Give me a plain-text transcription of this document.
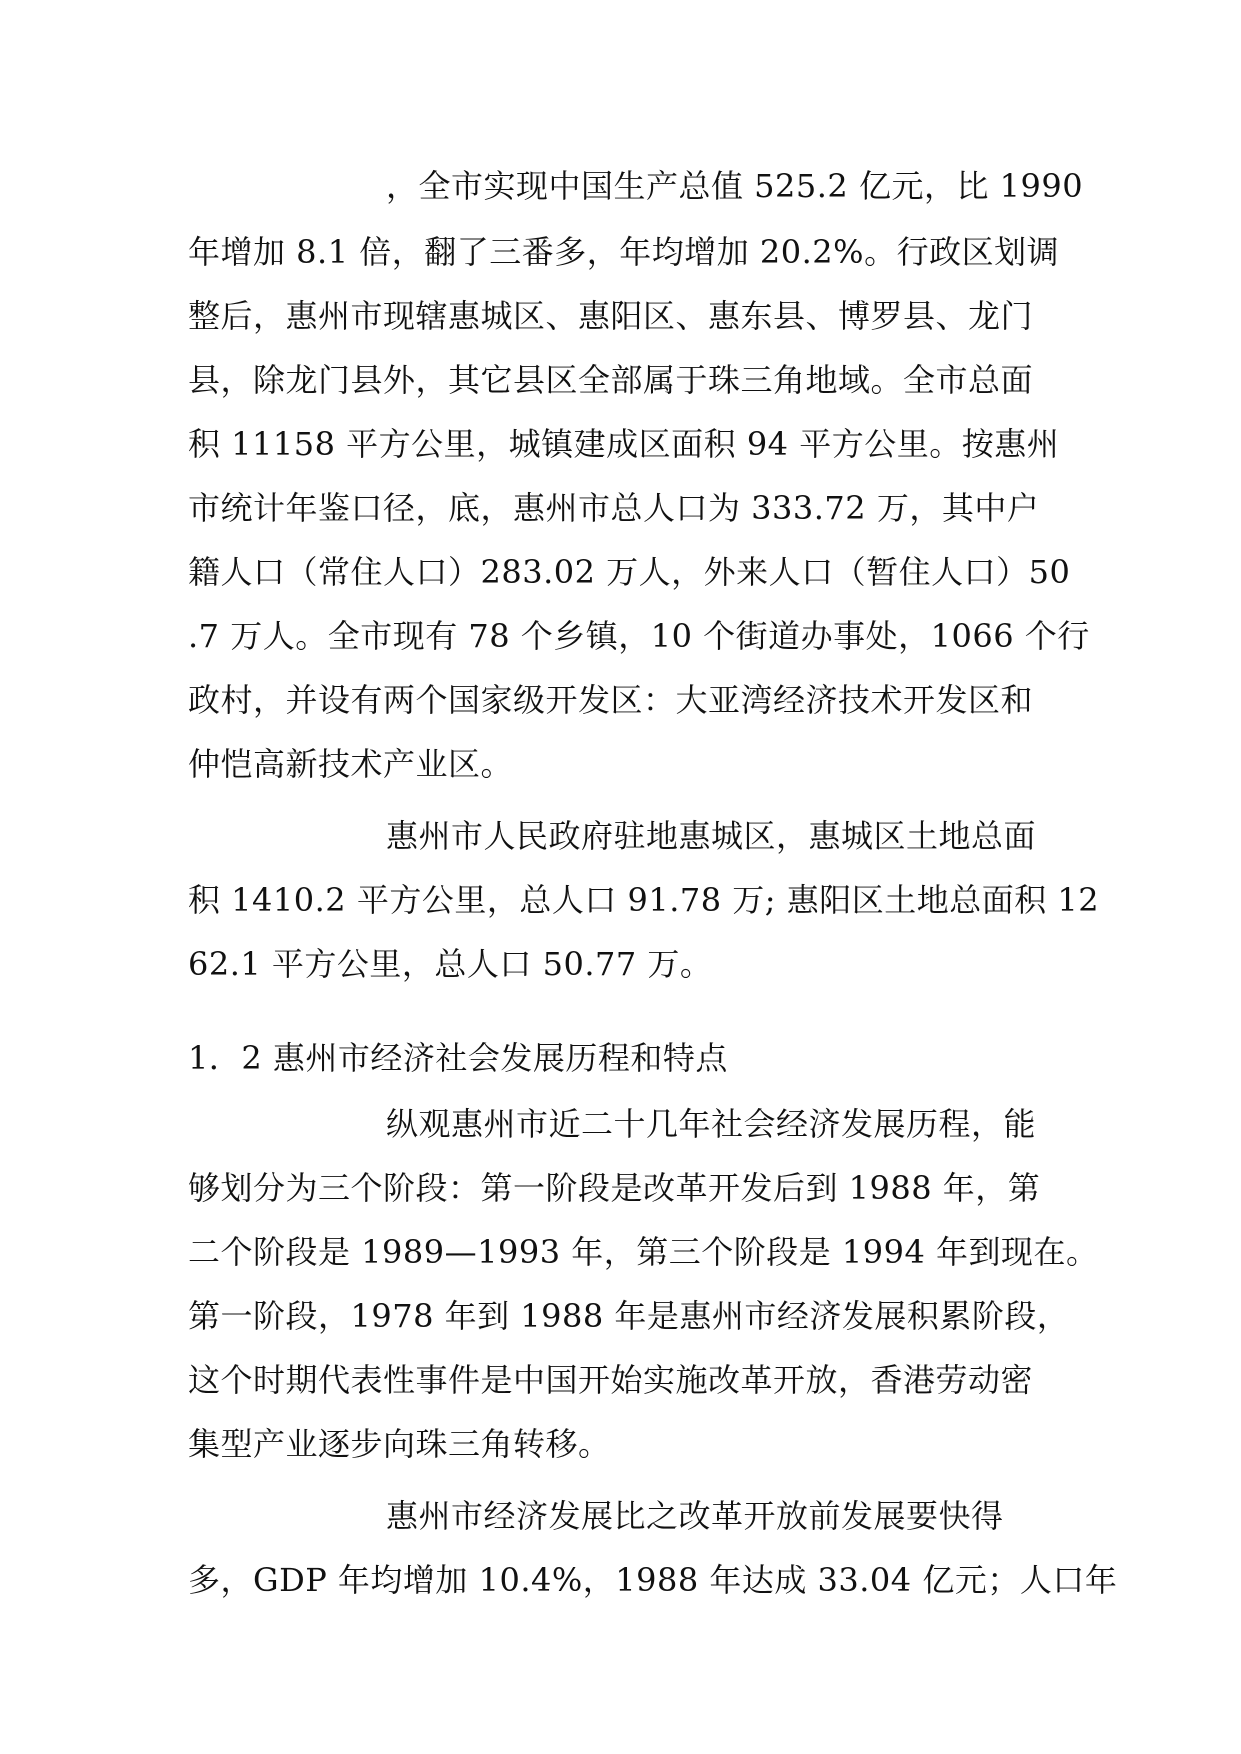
，全市实现中国生产总值 525.2 亿元，比 1990
年增加 8.1 倍，翻了三番多，年均增加 20.2%。行政区划调
整后，惠州市现辖惠城区、惠阳区、惠东县、博罗县、龙门
县，除龙门县外，其它县区全部属于珠三角地域。全市总面
积 11158 平方公里，城镇建成区面积 94 平方公里。按惠州
市统计年鉴口径，底，惠州市总人口为 333.72 万，其中户
籍人口（常住人口）283.02 万人，外来人口（暂住人口）50
.7 万人。全市现有 78 个乡镇，10 个街道办事处，1066 个行
政村，并设有两个国家级开发区：大亚湾经济技术开发区和
仲恺高新技术产业区。
惠州市人民政府驻地惠城区，惠城区土地总面
积 1410.2 平方公里，总人口 91.78 万; 惠阳区土地总面积 12
62.1 平方公里，总人口 50.77 万。
1．2 惠州市经济社会发展历程和特点
纵观惠州市近二十几年社会经济发展历程，能
够划分为三个阶段：第一阶段是改革开发后到 1988 年，第
二个阶段是 1989—1993 年，第三个阶段是 1994 年到现在。
第一阶段，1978 年到 1988 年是惠州市经济发展积累阶段，
这个时期代表性事件是中国开始实施改革开放，香港劳动密
集型产业逐步向珠三角转移。
惠州市经济发展比之改革开放前发展要快得
多，GDP 年均增加 10.4%，1988 年达成 33.04 亿元；人口年
